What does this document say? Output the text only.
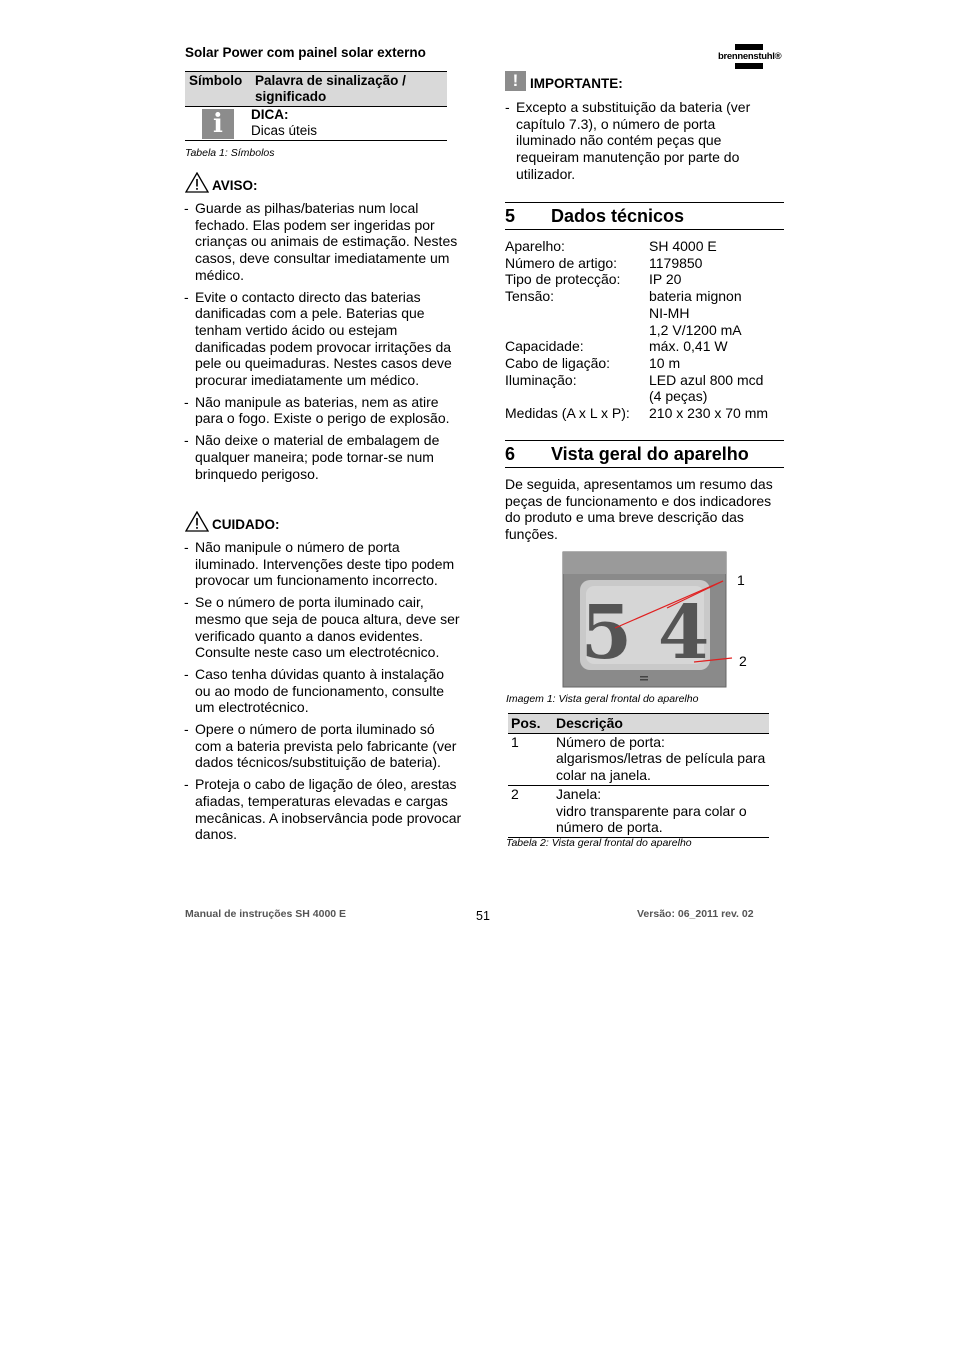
Solar Power com painel solar externo	brennenstuhl®
Símbolo Palavra de sinalização / significado
i	DICA:
Dicas úteis
Tabela 1: Símbolos
AVISO:
- Guarde as pilhas/baterias num local fechado. Elas podem ser ingeridas por crianças ou animais de estimação. Nestes casos, deve consultar imediatamente um médico.
- Evite o contacto directo das baterias danificadas com a pele. Baterias que tenham vertido ácido ou estejam danificadas podem provocar irritações da pele ou queimaduras. Nestes casos deve procurar imediatamente um médico.
- Não manipule as baterias, nem as atire para o fogo. Existe o perigo de explosão.
- Não deixe o material de embalagem de qualquer maneira; pode tornar-se num brinquedo perigoso.
CUIDADO:
- Não manipule o número de porta iluminado. Intervenções deste tipo podem provocar um funcionamento incorrecto.
- Se o número de porta iluminado cair, mesmo que seja de pouca altura, deve ser verificado quanto a danos evidentes. Consulte neste caso um electrotécnico.
- Caso tenha dúvidas quanto à instalação ou ao modo de funcionamento, consulte um electrotécnico.
- Opere o número de porta iluminado só com a bateria prevista pelo fabricante (ver dados técnicos/substituição de bateria).
- Proteja o cabo de ligação de óleo, arestas afiadas, temperaturas elevadas e cargas mecânicas. A inobservância pode provocar danos.
! IMPORTANTE:
- Excepto a substituição da bateria (ver capítulo 7.3), o número de porta iluminado não contém peças que requeiram manutenção por parte do utilizador.
5	Dados técnicos
Aparelho:	SH 4000 E
Número de artigo:	1179850
Tipo de protecção:	IP 20
Tensão:	bateria mignon
NI-MH
1,2 V/1200 mA
Capacidade:	máx. 0,41 W
Cabo de ligação:	10 m
Iluminação:	LED azul 800 mcd
(4 peças)
Medidas (A x L x P):	210 x 230 x 70 mm
6	Vista geral do aparelho
De seguida, apresentamos um resumo das peças de funcionamento e dos indicadores do produto e uma breve descrição das funções.
5 4
1
2
Imagem 1: Vista geral frontal do aparelho
Pos.	Descrição
1	Número de porta:
algarismos/letras de película para colar na janela.
2	Janela:
vidro transparente para colar o número de porta.
Tabela 2: Vista geral frontal do aparelho
Manual de instruções SH 4000 E	51	Versão: 06_2011 rev. 02
